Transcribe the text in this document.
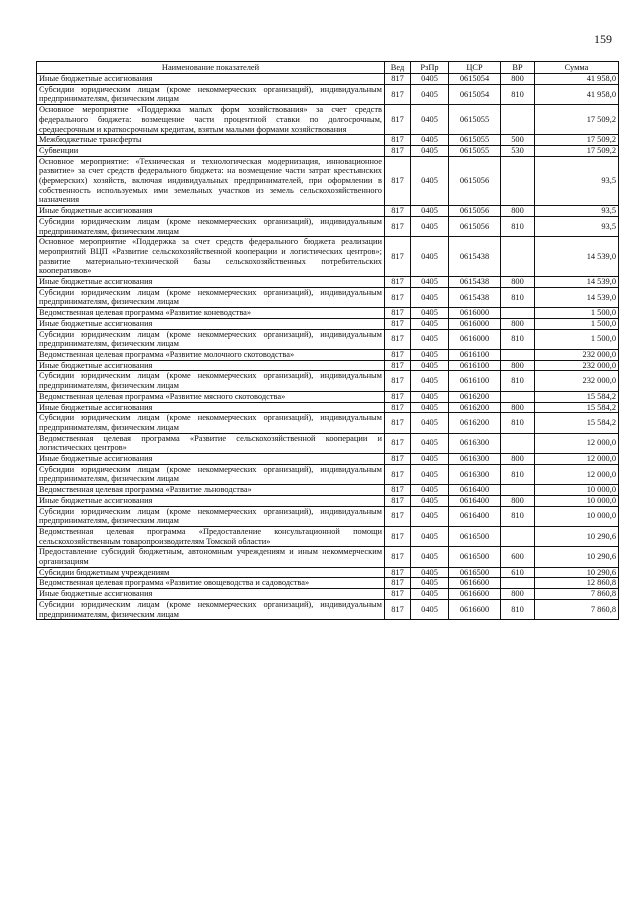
159
Наименование показателей	Вед	РзПр	ЦСР	ВР	Сумма
Иные бюджетные ассигнования	817	0405	0615054	800	41 958,0
Субсидии юридическим лицам (кроме некоммерческих организаций), индивидуальным предпринимателям, физическим лицам	817	0405	0615054	810	41 958,0
Основное мероприятие «Поддержка малых форм хозяйствования» за счет средств федерального бюджета: возмещение части процентной ставки по долгосрочным, среднесрочным и краткосрочным кредитам, взятым малыми формами хозяйствования	817	0405	0615055		17 509,2
Межбюджетные трансферты	817	0405	0615055	500	17 509,2
Субвенции	817	0405	0615055	530	17 509,2
Основное мероприятие: «Техническая и технологическая модернизация, инновационное развитие» за счет средств федерального бюджета: на возмещение части затрат крестьянских (фермерских) хозяйств, включая индивидуальных предпринимателей, при оформлении в собственность используемых ими земельных участков из земель сельскохозяйственного назначения	817	0405	0615056		93,5
Иные бюджетные ассигнования	817	0405	0615056	800	93,5
Субсидии юридическим лицам (кроме некоммерческих организаций), индивидуальным предпринимателям, физическим лицам	817	0405	0615056	810	93,5
Основное мероприятие «Поддержка за счет средств федерального бюджета реализации мероприятий ВЦП «Развитие сельскохозяйственной кооперации и логистических центров»; развитие материально-технической базы сельскохозяйственных потребительских кооперативов»	817	0405	0615438		14 539,0
Иные бюджетные ассигнования	817	0405	0615438	800	14 539,0
Субсидии юридическим лицам (кроме некоммерческих организаций), индивидуальным предпринимателям, физическим лицам	817	0405	0615438	810	14 539,0
Ведомственная целевая программа «Развитие коневодства»	817	0405	0616000		1 500,0
Иные бюджетные ассигнования	817	0405	0616000	800	1 500,0
Субсидии юридическим лицам (кроме некоммерческих организаций), индивидуальным предпринимателям, физическим лицам	817	0405	0616000	810	1 500,0
Ведомственная целевая программа «Развитие молочного скотоводства»	817	0405	0616100		232 000,0
Иные бюджетные ассигнования	817	0405	0616100	800	232 000,0
Субсидии юридическим лицам (кроме некоммерческих организаций), индивидуальным предпринимателям, физическим лицам	817	0405	0616100	810	232 000,0
Ведомственная целевая программа «Развитие мясного скотоводства»	817	0405	0616200		15 584,2
Иные бюджетные ассигнования	817	0405	0616200	800	15 584,2
Субсидии юридическим лицам (кроме некоммерческих организаций), индивидуальным предпринимателям, физическим лицам	817	0405	0616200	810	15 584,2
Ведомственная целевая программа «Развитие сельскохозяйственной кооперации и логистических центров»	817	0405	0616300		12 000,0
Иные бюджетные ассигнования	817	0405	0616300	800	12 000,0
Субсидии юридическим лицам (кроме некоммерческих организаций), индивидуальным предпринимателям, физическим лицам	817	0405	0616300	810	12 000,0
Ведомственная целевая программа «Развитие льноводства»	817	0405	0616400		10 000,0
Иные бюджетные ассигнования	817	0405	0616400	800	10 000,0
Субсидии юридическим лицам (кроме некоммерческих организаций), индивидуальным предпринимателям, физическим лицам	817	0405	0616400	810	10 000,0
Ведомственная целевая программа «Предоставление консультационной помощи сельскохозяйственным товаропроизводителям Томской области»	817	0405	0616500		10 290,6
Предоставление субсидий бюджетным, автономным учреждениям и иным некоммерческим организациям	817	0405	0616500	600	10 290,6
Субсидии бюджетным учреждениям	817	0405	0616500	610	10 290,6
Ведомственная целевая программа «Развитие овощеводства и садоводства»	817	0405	0616600		12 860,8
Иные бюджетные ассигнования	817	0405	0616600	800	7 860,8
Субсидии юридическим лицам (кроме некоммерческих организаций), индивидуальным предпринимателям, физическим лицам	817	0405	0616600	810	7 860,8
